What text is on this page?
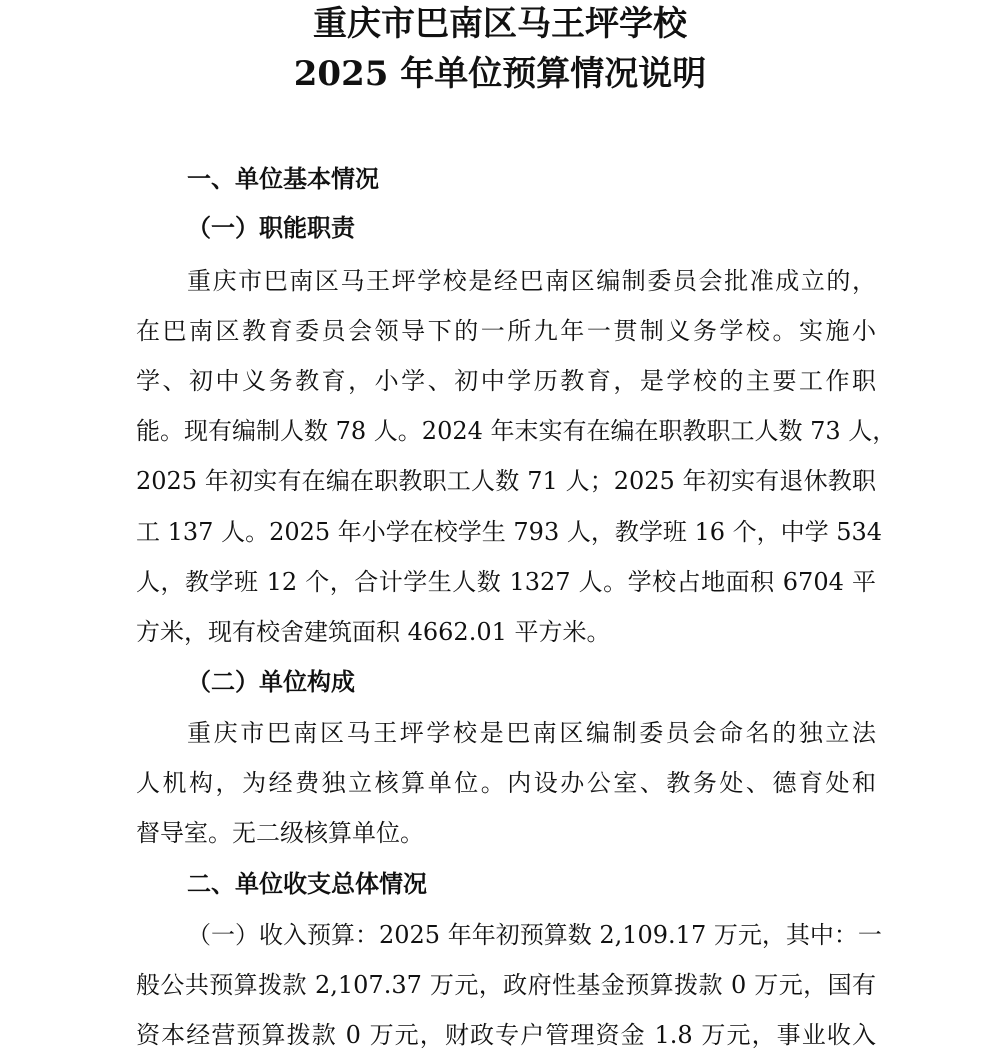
重庆市巴南区马王坪学校
2025 年单位预算情况说明
一、单位基本情况
（一）职能职责

重庆市巴南区马王坪学校是经巴南区编制委员会批准成立的，

在巴南区教育委员会领导下的一所九年一贯制义务学校。实施小

学、初中义务教育，小学、初中学历教育，是学校的主要工作职

能。现有编制人数 78 人。2024 年末实有在编在职教职工人数 73 人，

2025 年初实有在编在职教职工人数 71 人；2025 年初实有退休教职

工 137 人。2025 年小学在校学生 793 人，教学班 16 个，中学 534

人，教学班 12 个，合计学生人数 1327 人。学校占地面积 6704 平

方米，现有校舍建筑面积 4662.01 平方米。

（二）单位构成

重庆市巴南区马王坪学校是巴南区编制委员会命名的独立法

人机构，为经费独立核算单位。内设办公室、教务处、德育处和

督导室。无二级核算单位。

二、单位收支总体情况

（一）收入预算：2025 年年初预算数 2,109.17 万元，其中：一

般公共预算拨款 2,107.37 万元，政府性基金预算拨款 0 万元，国有

资本经营预算拨款 0 万元，财政专户管理资金 1.8 万元，事业收入
